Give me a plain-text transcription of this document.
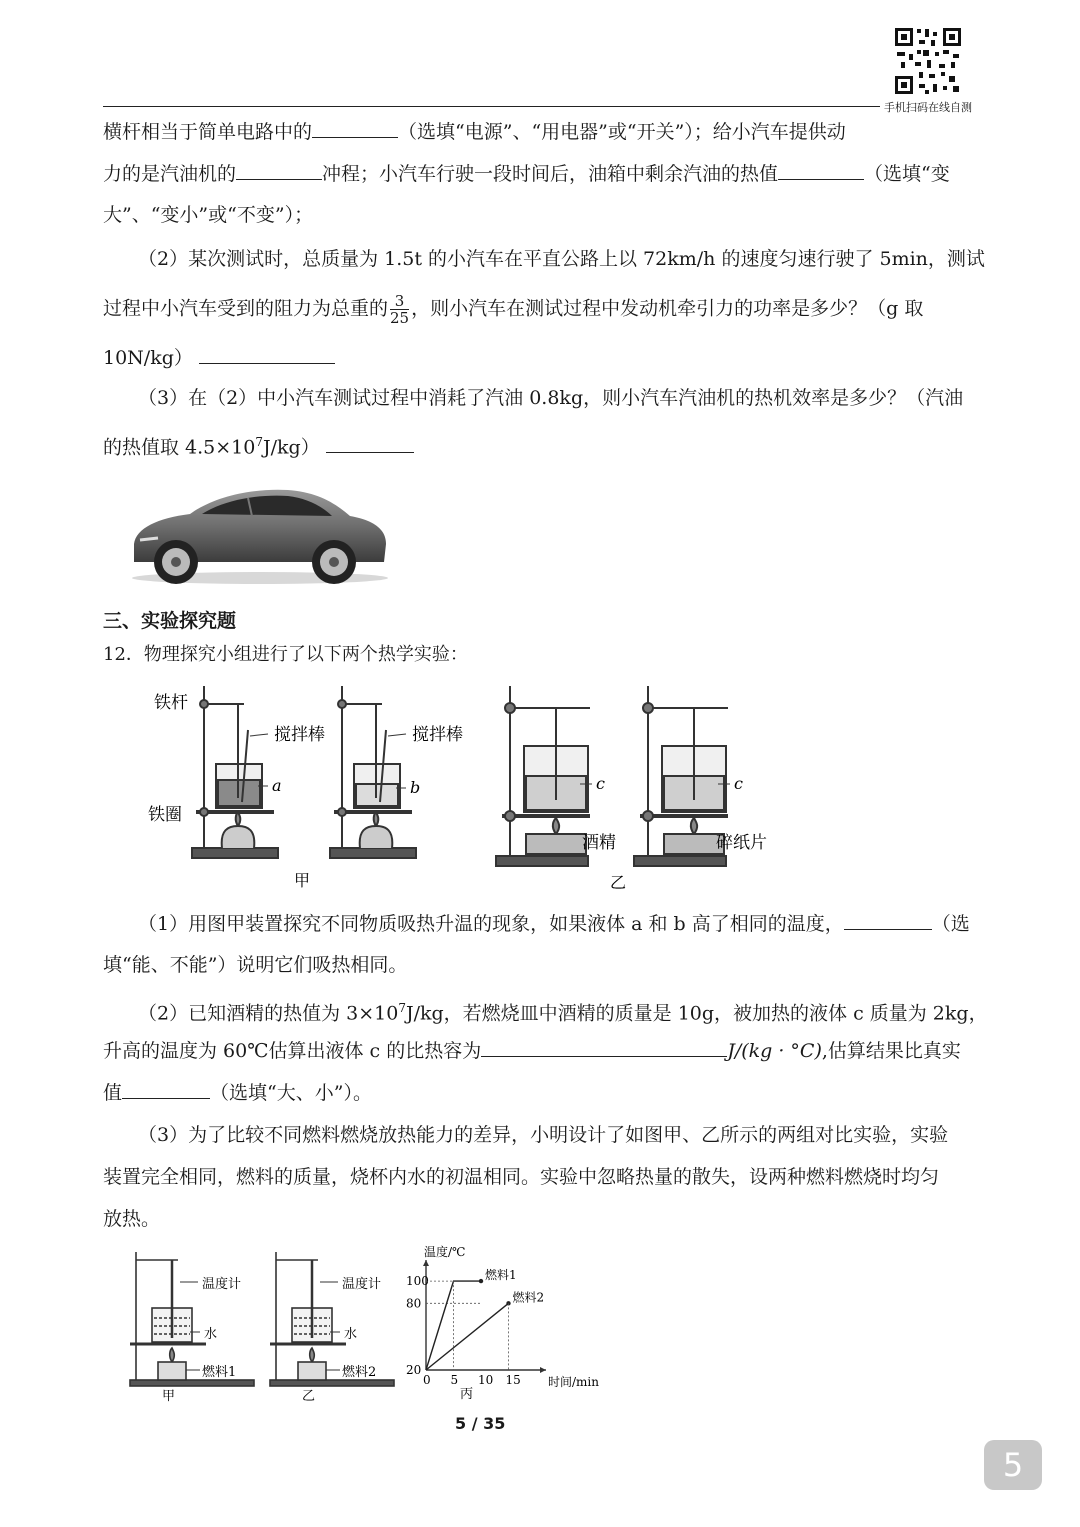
手机扫码在线自测
横杆相当于简单电路中的	（选填“电源”、“用电器”或“开关”）；给小汽车提供动
力的是汽油机的	冲程；小汽车行驶一段时间后，油箱中剩余汽油的热值	（选填“变
大”、“变小”或“不变”）；
（2）某次测试时，总质量为 1.5t 的小汽车在平直公路上以 72km/h 的速度匀速行驶了 5min，测试
过程中小汽车受到的阻力为总重的 $\frac{3}{25}$ ，则小汽车在测试过程中发动机牵引力的功率是多少？（g 取
10N/kg）
（3）在（2）中小汽车测试过程中消耗了汽油 0.8kg，则小汽车汽油机的热机效率是多少？（汽油
的热值取 $4.5\times 10^7J/kg$）
三、实验探究题
12．物理探究小组进行了以下两个热学实验：
铁杆
铁圈
搅拌棒	搅拌棒
a	b	c	c
酒精	碎纸片
甲	乙
（1）用图甲装置探究不同物质吸热升温的现象，如果液体 a 和 b 高了相同的温度，	（选
填“能、不能”）说明它们吸热相同。
（2）已知酒精的热值为 $3\times 10^7J/kg$，若燃烧皿中酒精的质量是 10g，被加热的液体 c 质量为 2kg，
升高的温度为 60℃估算出液体 c 的比热容为	J/(kg · °C),估算结果比真实
值	（选填“大、小”）。
（3）为了比较不同燃料燃烧放热能力的差异，小明设计了如图甲、乙所示的两组对比实验，实验
装置完全相同，燃料的质量，烧杯内水的初温相同。实验中忽略热量的散失，设两种燃料燃烧时均匀
放热。
温度计
水
燃料1
甲
温度计
水
燃料2
乙
温度/℃
时间/min
0 5 10 15
20
80
100	燃料1
燃料2
丙
5 / 35
5
